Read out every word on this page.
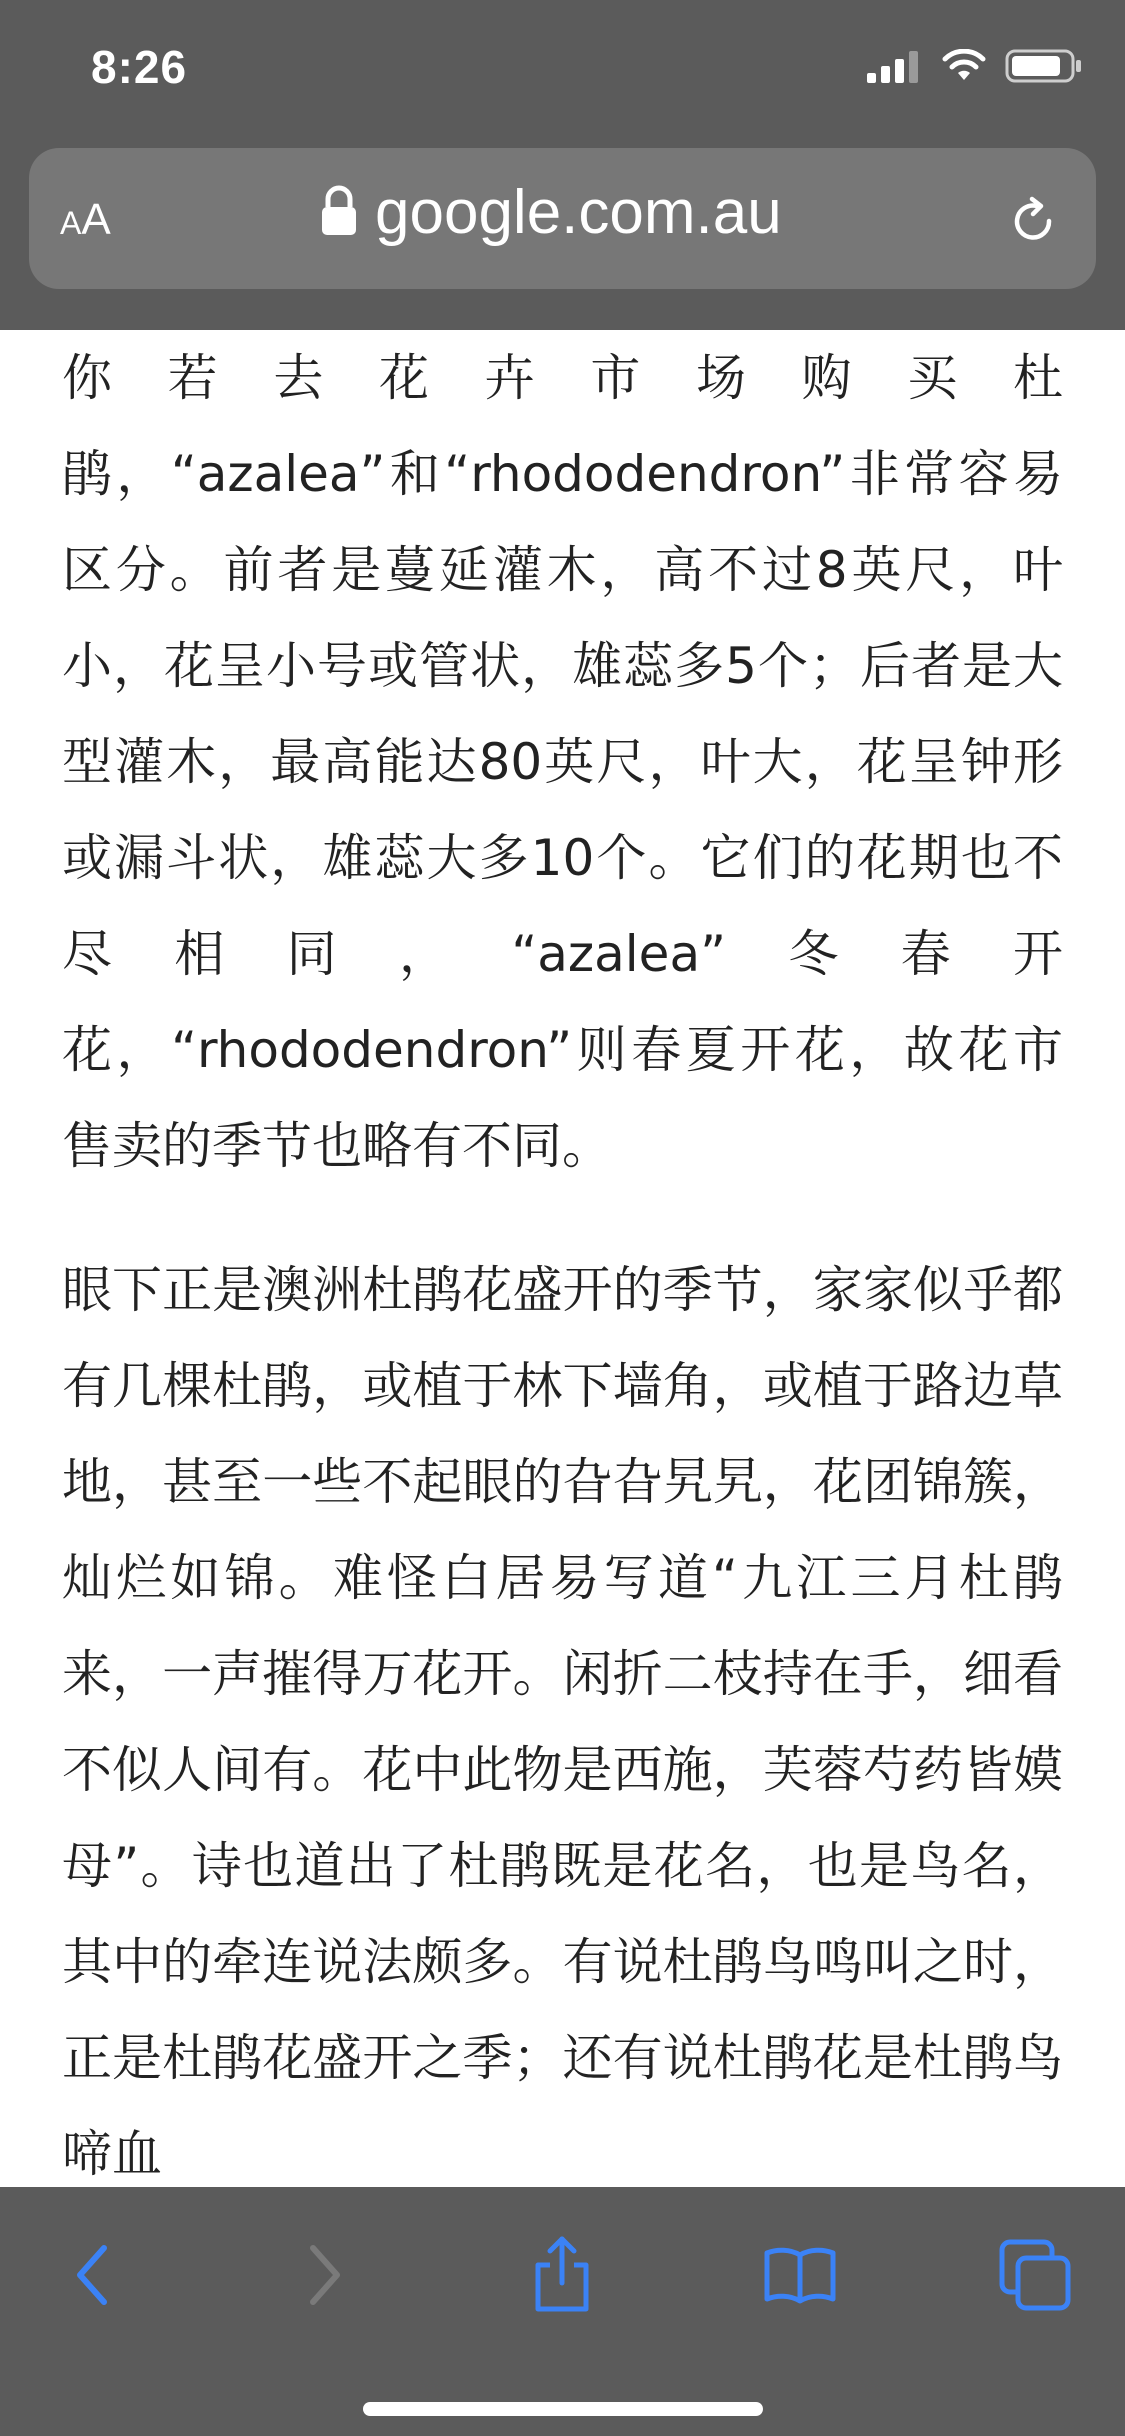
8:26
AA	google.com.au

你若去花卉市场购买杜鹃，“azalea”和“rhododendron”非常容易区分。前者是蔓延灌木，高不过8英尺，叶小，花呈小号或管状，雄蕊多5个；后者是大型灌木，最高能达80英尺，叶大，花呈钟形或漏斗状，雄蕊大多10个。它们的花期也不尽相同，“azalea”冬春开花，“rhododendron”则春夏开花，故花市售卖的季节也略有不同。

眼下正是澳洲杜鹃花盛开的季节，家家似乎都有几棵杜鹃，或植于林下墙角，或植于路边草地，甚至一些不起眼的旮旮旯旯，花团锦簇，灿烂如锦。难怪白居易写道“九江三月杜鹃来，一声摧得万花开。闲折二枝持在手，细看不似人间有。花中此物是西施，芙蓉芍药皆嫫母”。诗也道出了杜鹃既是花名，也是鸟名，其中的牵连说法颇多。有说杜鹃鸟鸣叫之时，正是杜鹃花盛开之季；还有说杜鹃花是杜鹃鸟啼血
